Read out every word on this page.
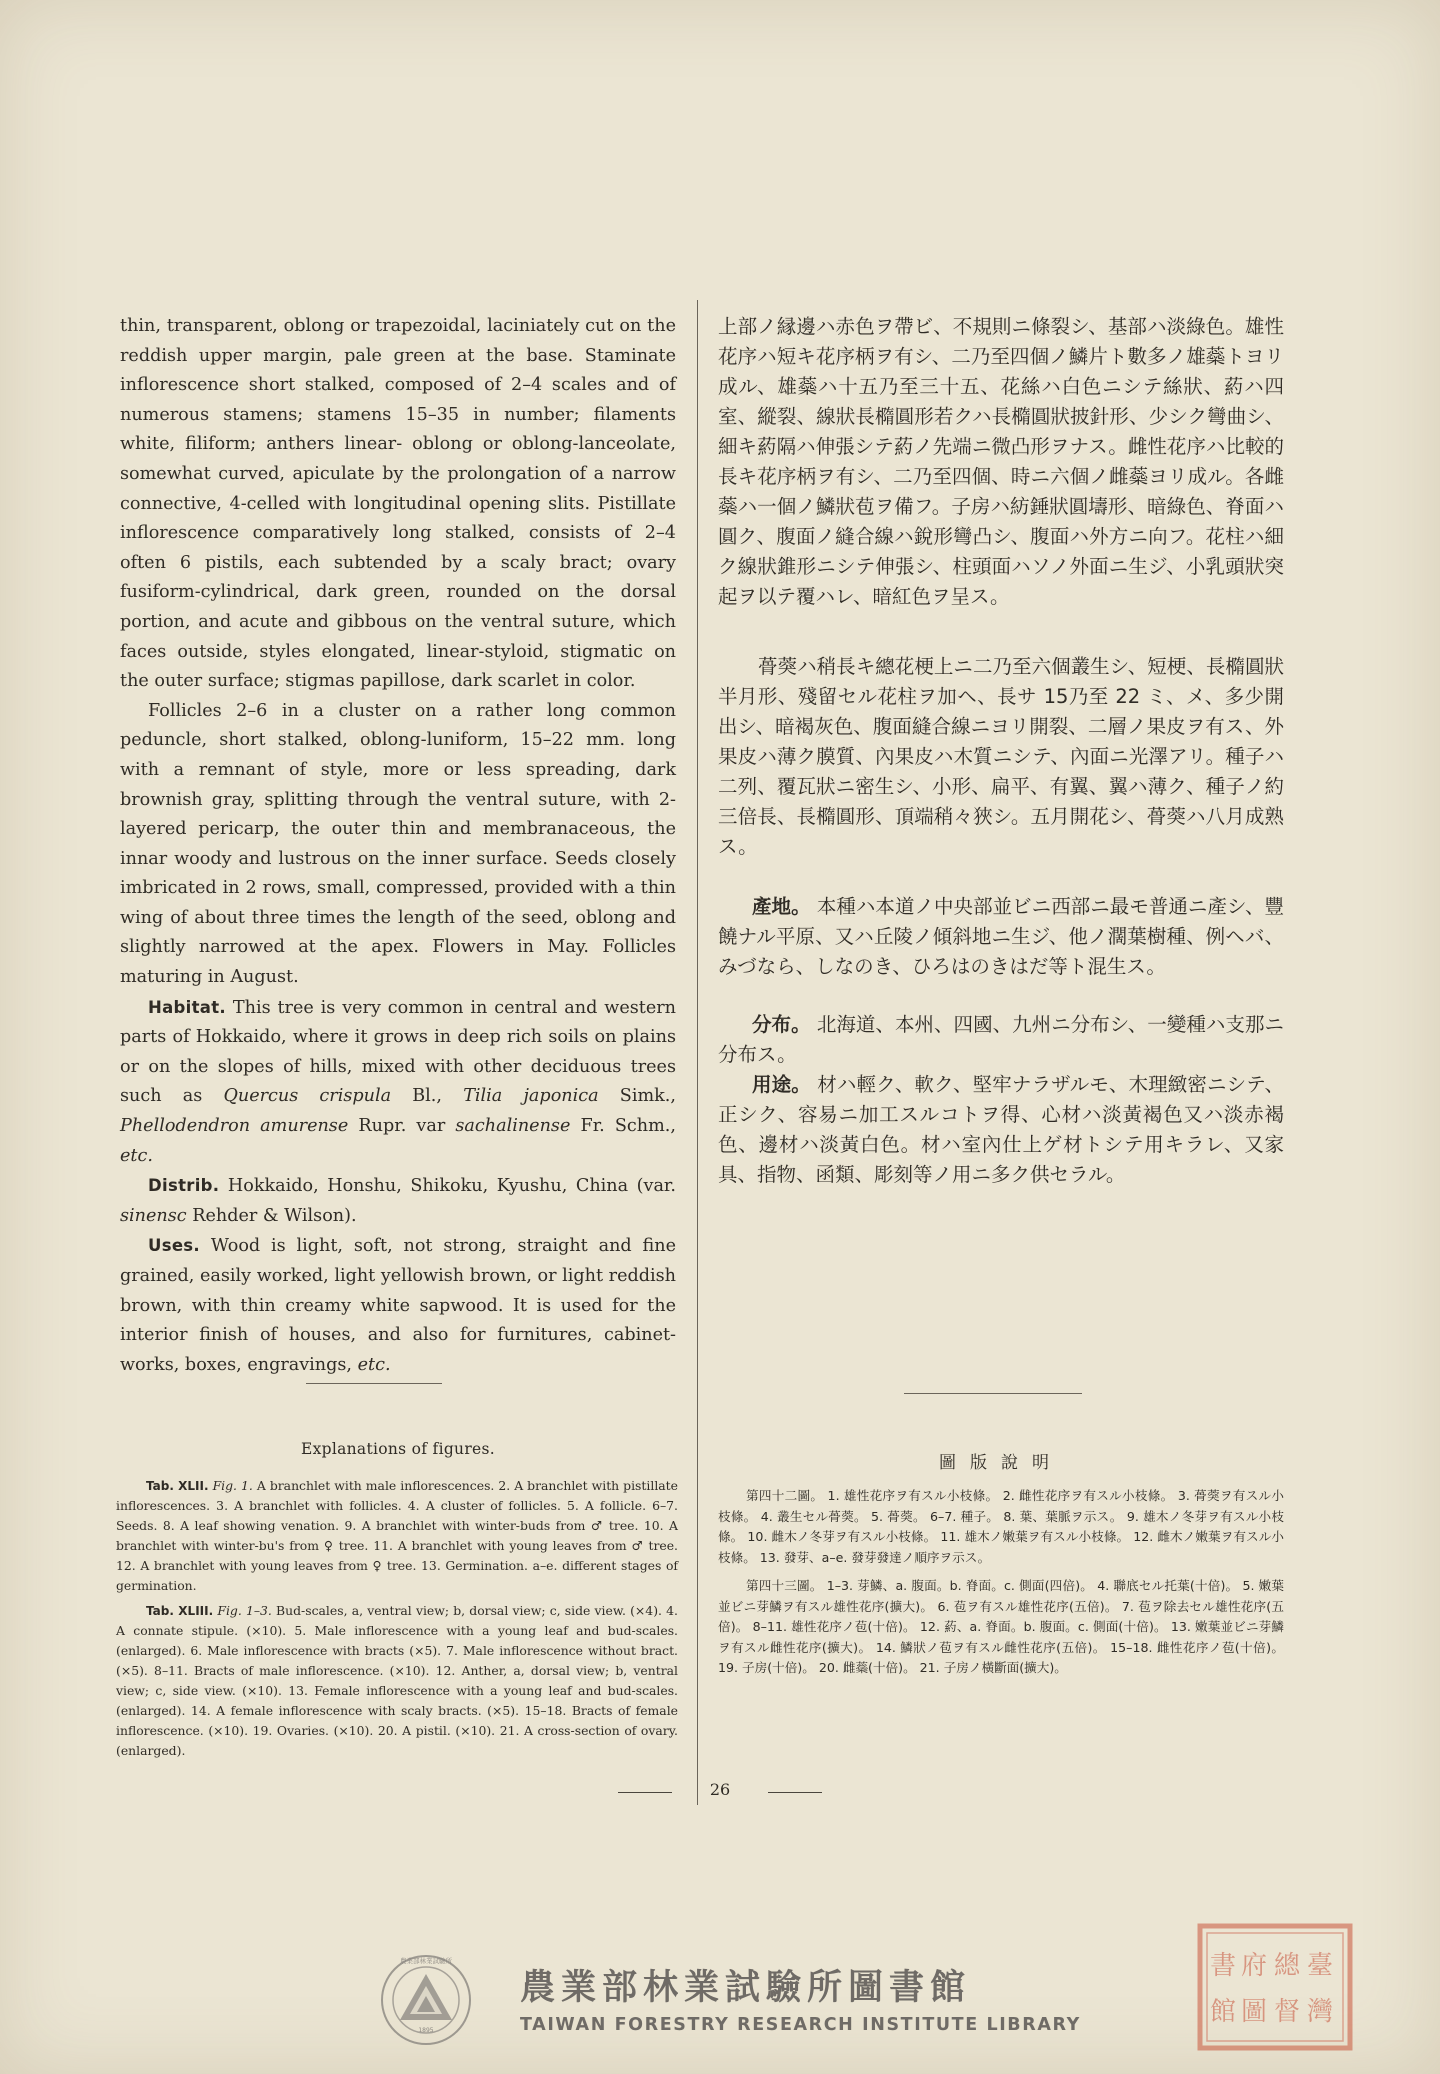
thin, transparent, oblong or trapezoidal, laciniately cut on the reddish upper margin, pale green at the base. Staminate inflorescence short stalked, composed of 2–4 scales and of numerous stamens; stamens 15–35 in number; filaments white, filiform; anthers linear- oblong or oblong-lanceolate, somewhat curved, apiculate by the prolongation of a narrow connective, 4-celled with longitudinal opening slits. Pistillate inflorescence comparatively long stalked, consists of 2–4 often 6 pistils, each subtended by a scaly bract; ovary fusiform-cylindrical, dark green, rounded on the dorsal portion, and acute and gibbous on the ventral suture, which faces outside, styles elongated, linear-styloid, stigmatic on the outer surface; stigmas papillose, dark scarlet in color.

Follicles 2–6 in a cluster on a rather long common peduncle, short stalked, oblong-luniform, 15–22 mm. long with a remnant of style, more or less spreading, dark brownish gray, splitting through the ventral suture, with 2-layered pericarp, the outer thin and membranaceous, the innar woody and lustrous on the inner surface. Seeds closely imbricated in 2 rows, small, compressed, provided with a thin wing of about three times the length of the seed, oblong and slightly narrowed at the apex. Flowers in May. Follicles maturing in August.

Habitat. This tree is very common in central and western parts of Hokkaido, where it grows in deep rich soils on plains or on the slopes of hills, mixed with other deciduous trees such as Quercus crispula Bl., Tilia japonica Simk., Phellodendron amurense Rupr. var sachalinense Fr. Schm., etc.

Distrib. Hokkaido, Honshu, Shikoku, Kyushu, China (var. sinensc Rehder & Wilson).

Uses. Wood is light, soft, not strong, straight and fine grained, easily worked, light yellowish brown, or light reddish brown, with thin creamy white sapwood. It is used for the interior finish of houses, and also for furnitures, cabinet-works, boxes, engravings, etc.

Explanations of figures.

Tab. XLII. Fig. 1. A branchlet with male inflorescences. 2. A branchlet with pistillate inflorescences. 3. A branchlet with follicles. 4. A cluster of follicles. 5. A follicle. 6–7. Seeds. 8. A leaf showing venation. 9. A branchlet with winter-buds from ♂ tree. 10. A branchlet with winter-bu's from ♀ tree. 11. A branchlet with young leaves from ♂ tree. 12. A branchlet with young leaves from ♀ tree. 13. Germination. a–e. different stages of germination.

Tab. XLIII. Fig. 1–3. Bud-scales, a, ventral view; b, dorsal view; c, side view. (×4). 4. A connate stipule. (×10). 5. Male inflorescence with a young leaf and bud-scales. (enlarged). 6. Male inflorescence with bracts (×5). 7. Male inflorescence without bract. (×5). 8–11. Bracts of male inflorescence. (×10). 12. Anther, a, dorsal view; b, ventral view; c, side view. (×10). 13. Female inflorescence with a young leaf and bud-scales. (enlarged). 14. A female inflorescence with scaly bracts. (×5). 15–18. Bracts of female inflorescence. (×10). 19. Ovaries. (×10). 20. A pistil. (×10). 21. A cross-section of ovary. (enlarged).

上部ノ縁邊ハ赤色ヲ帶ビ、不規則ニ條裂シ、基部ハ淡綠色。雄性花序ハ短キ花序柄ヲ有シ、二乃至四個ノ鱗片ト數多ノ雄蘂トヨリ成ル、雄蘂ハ十五乃至三十五、花絲ハ白色ニシテ絲狀、葯ハ四室、縱裂、線狀長橢圓形若クハ長橢圓狀披針形、少シク彎曲シ、細キ葯隔ハ伸張シテ葯ノ先端ニ微凸形ヲナス。雌性花序ハ比較的長キ花序柄ヲ有シ、二乃至四個、時ニ六個ノ雌蘂ヨリ成ル。各雌蘂ハ一個ノ鱗狀苞ヲ備フ。子房ハ紡錘狀圓壔形、暗綠色、脊面ハ圓ク、腹面ノ縫合線ハ銳形彎凸シ、腹面ハ外方ニ向フ。花柱ハ細ク線狀錐形ニシテ伸張シ、柱頭面ハソノ外面ニ生ジ、小乳頭狀突起ヲ以テ覆ハレ、暗紅色ヲ呈ス。

蓇葖ハ稍長キ總花梗上ニ二乃至六個叢生シ、短梗、長橢圓狀半月形、殘留セル花柱ヲ加ヘ、長サ 15乃至 22 ミ、メ、多少開出シ、暗褐灰色、腹面縫合線ニヨリ開裂、二層ノ果皮ヲ有ス、外果皮ハ薄ク膜質、內果皮ハ木質ニシテ、內面ニ光澤アリ。種子ハ二列、覆瓦狀ニ密生シ、小形、扁平、有翼、翼ハ薄ク、種子ノ約三倍長、長橢圓形、頂端稍々狹シ。五月開花シ、蓇葖ハ八月成熟ス。

產地。 本種ハ本道ノ中央部並ビニ西部ニ最モ普通ニ產シ、豐饒ナル平原、又ハ丘陵ノ傾斜地ニ生ジ、他ノ濶葉樹種、例ヘバ、みづなら、しなのき、ひろはのきはだ等ト混生ス。

分布。 北海道、本州、四國、九州ニ分布シ、一變種ハ支那ニ分布ス。

用途。 材ハ輕ク、軟ク、堅牢ナラザルモ、木理緻密ニシテ、正シク、容易ニ加工スルコトヲ得、心材ハ淡黃褐色又ハ淡赤褐色、邊材ハ淡黃白色。材ハ室內仕上ゲ材トシテ用キラレ、又家具、指物、函類、彫刻等ノ用ニ多ク供セラル。

圖版說明

第四十二圖。 1. 雄性花序ヲ有スル小枝條。 2. 雌性花序ヲ有スル小枝條。 3. 蓇葖ヲ有スル小枝條。 4. 叢生セル蓇葖。 5. 蓇葖。 6–7. 種子。 8. 葉、葉脈ヲ示ス。 9. 雄木ノ冬芽ヲ有スル小枝條。 10. 雌木ノ冬芽ヲ有スル小枝條。 11. 雄木ノ嫩葉ヲ有スル小枝條。 12. 雌木ノ嫩葉ヲ有スル小枝條。 13. 發芽、a–e. 發芽發達ノ順序ヲ示ス。

第四十三圖。 1–3. 芽鱗、a. 腹面。b. 脊面。c. 側面(四倍)。 4. 聯底セル托葉(十倍)。 5. 嫩葉並ビニ芽鱗ヲ有スル雄性花序(擴大)。 6. 苞ヲ有スル雄性花序(五倍)。 7. 苞ヲ除去セル雄性花序(五倍)。 8–11. 雄性花序ノ苞(十倍)。 12. 葯、a. 脊面。b. 腹面。c. 側面(十倍)。 13. 嫩葉並ビニ芽鱗ヲ有スル雌性花序(擴大)。 14. 鱗狀ノ苞ヲ有スル雌性花序(五倍)。 15–18. 雌性花序ノ苞(十倍)。 19. 子房(十倍)。 20. 雌蘂(十倍)。 21. 子房ノ橫斷面(擴大)。

26
農業部林業試驗所
1895
農業部林業試驗所圖書館
TAIWAN FORESTRY RESEARCH INSTITUTE LIBRARY
臺
灣
總
督
府
圖
書
館
